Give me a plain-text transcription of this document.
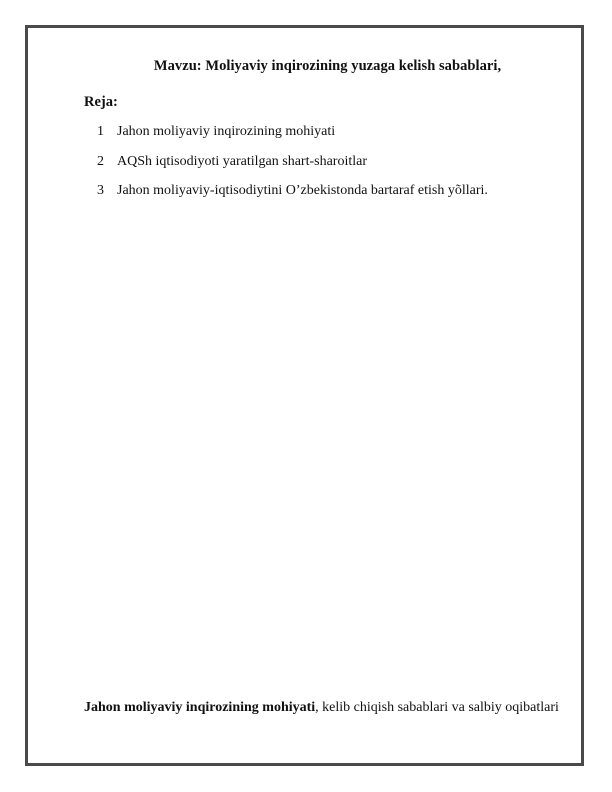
Mavzu: Moliyaviy inqirozining yuzaga kelish sabablari,
Reja:
1 Jahon moliyaviy inqirozining mohiyati
2 AQSh iqtisodiyoti yaratilgan shart-sharoitlar
3 Jahon moliyaviy-iqtisodiytini O’zbekistonda bartaraf etish yõllari.
Jahon moliyaviy inqirozining mohiyati, kelib chiqish sabablari va salbiy oqibatlari
